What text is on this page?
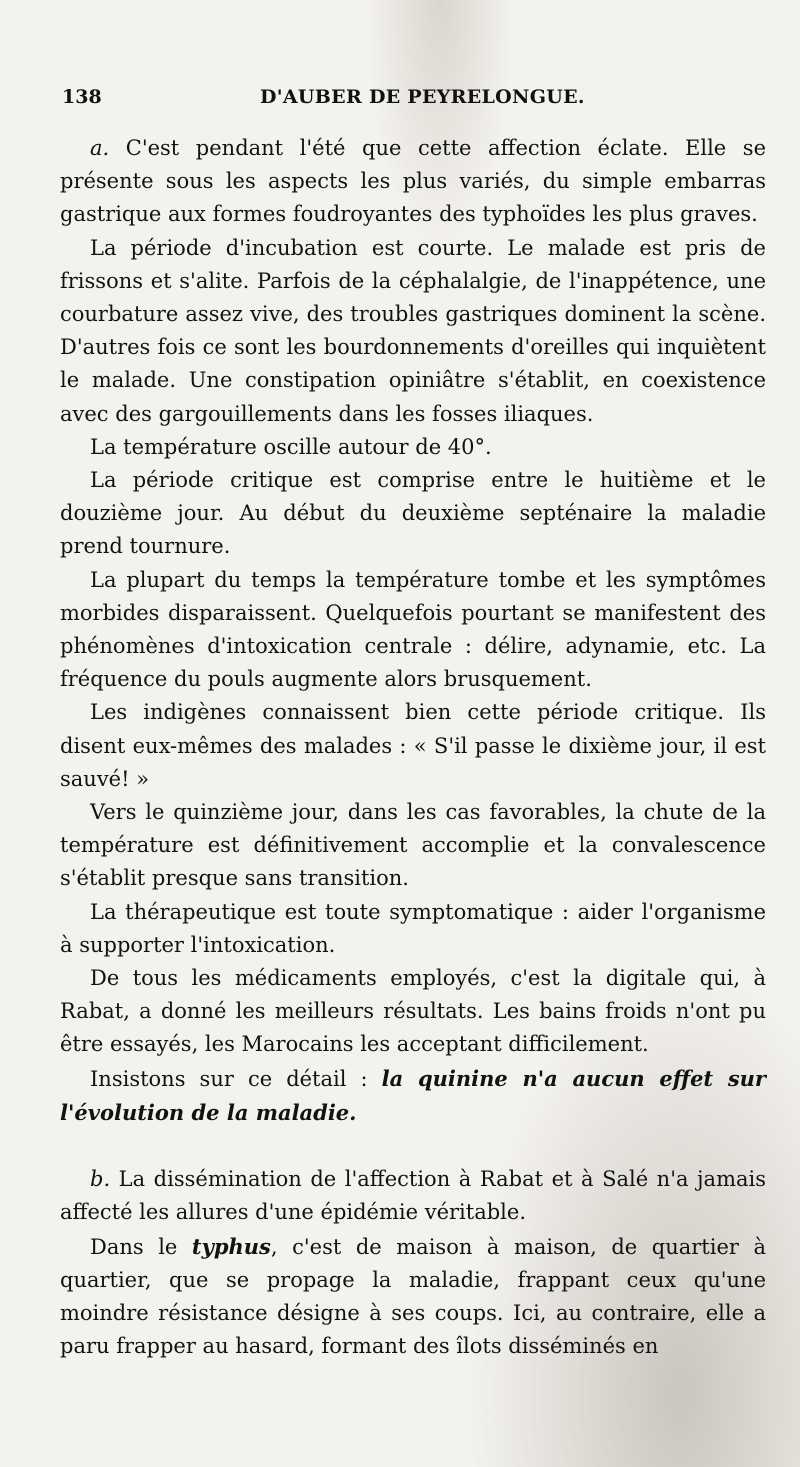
138	D'AUBER DE PEYRELONGUE.

a. C'est pendant l'été que cette affection éclate. Elle se présente sous les aspects les plus variés, du simple embarras gastrique aux formes foudroyantes des typhoïdes les plus graves.

La période d'incubation est courte. Le malade est pris de frissons et s'alite. Parfois de la céphalalgie, de l'inappétence, une courbature assez vive, des troubles gastriques dominent la scène. D'autres fois ce sont les bourdonnements d'oreilles qui inquiètent le malade. Une constipation opiniâtre s'établit, en coexistence avec des gargouillements dans les fosses iliaques.

La température oscille autour de 40°.

La période critique est comprise entre le huitième et le douzième jour. Au début du deuxième septénaire la maladie prend tournure.

La plupart du temps la température tombe et les symptômes morbides disparaissent. Quelquefois pourtant se manifestent des phénomènes d'intoxication centrale : délire, adynamie, etc. La fréquence du pouls augmente alors brusquement.

Les indigènes connaissent bien cette période critique. Ils disent eux-mêmes des malades : « S'il passe le dixième jour, il est sauvé! »

Vers le quinzième jour, dans les cas favorables, la chute de la température est définitivement accomplie et la convalescence s'établit presque sans transition.

La thérapeutique est toute symptomatique : aider l'organisme à supporter l'intoxication.

De tous les médicaments employés, c'est la digitale qui, à Rabat, a donné les meilleurs résultats. Les bains froids n'ont pu être essayés, les Marocains les acceptant difficilement.

Insistons sur ce détail : la quinine n'a aucun effet sur l'évolution de la maladie.

b. La dissémination de l'affection à Rabat et à Salé n'a jamais affecté les allures d'une épidémie véritable.

Dans le typhus, c'est de maison à maison, de quartier à quartier, que se propage la maladie, frappant ceux qu'une moindre résistance désigne à ses coups. Ici, au contraire, elle a paru frapper au hasard, formant des îlots disséminés en
